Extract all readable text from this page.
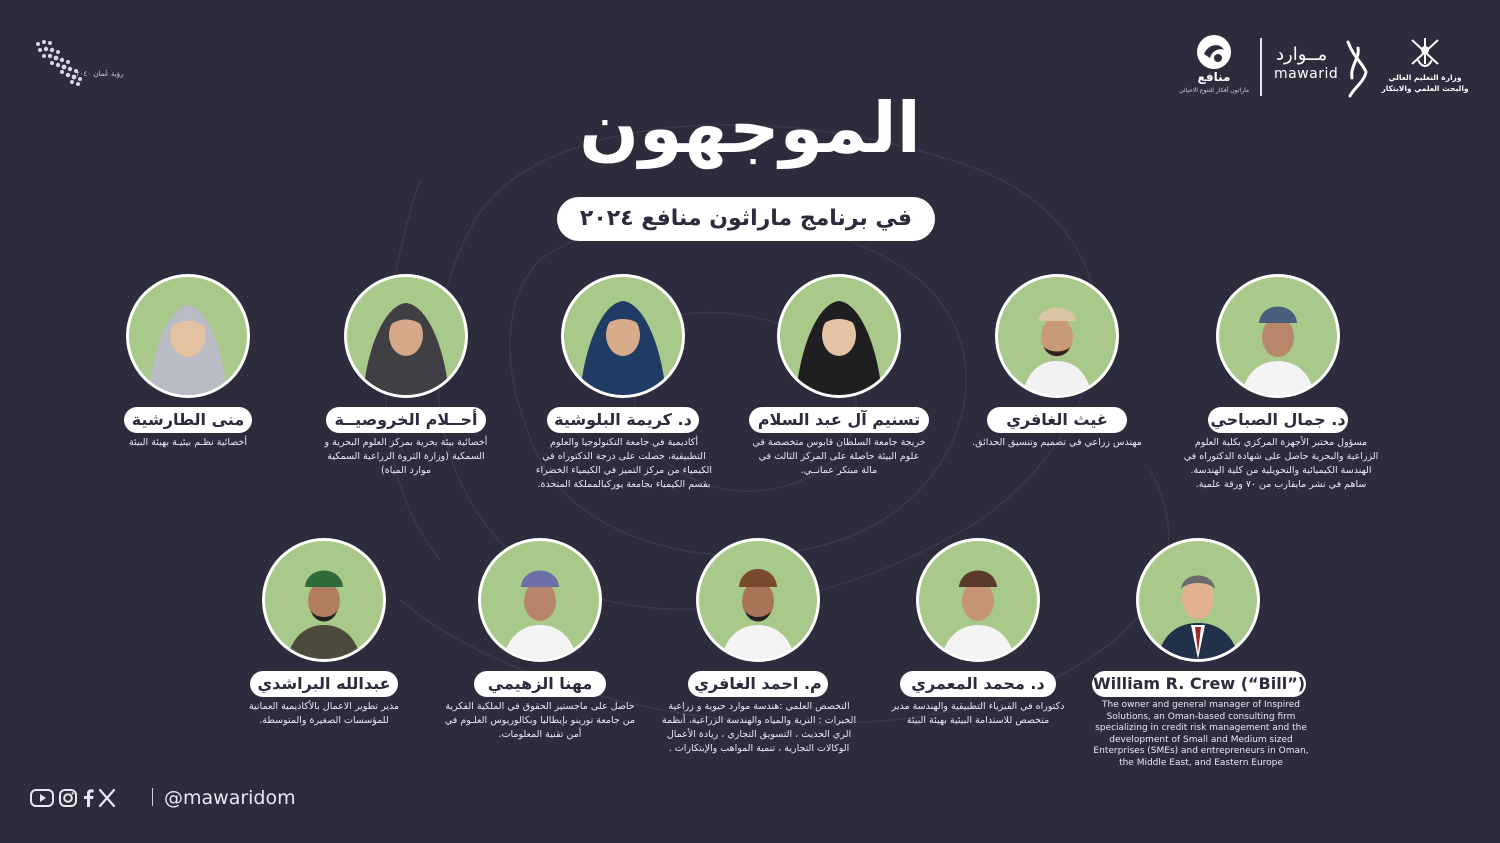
رؤية عُمان ٢٠٤٠	منافع
ماراثون أفكار للتنوع الاحيائي
مــوارد
mawarid	وزارة التعليم العالي والبحث العلمي والابتكار
الموجهون
في برنامج ماراثون منافع ٢٠٢٤
منى الطارشية
أخصائية نظـم بيئيـة بهيئة البيئة
أحــلام الخروصيــة
أخصائية بيئة بحرية بمركز العلوم البحرية و السمكية (وزارة الثروة الزراعية السمكية موارد المياة)
د. كريمة البلوشية
أكاديمية في جامعة التكنولوجيا والعلوم التطبيقية، حصلت على درجة الدكتوراه في الكيمياء من مركز التميز في الكيمياء الخضراء بقسم الكيمياء بجامعة يوركبالمملكة المتحدة.
تسنيم آل عبد السلام
خريجة جامعة السلطان قابوس متخصصة في علوم البيئة حاصلة على المركز الثالث في مالة مبتكر عمانــي.
غيث الغافري
مهندس زراعي في تصميم وتنسيق الحدائق.
د. جمال الصباحي
مسؤول مختبر الأجهزة المركزي بكلية العلوم الزراعية والبحرية حاصل على شهادة الدكتوراه في الهندسة الكيميائية والتحويلية من كلية الهندسة. ساهم في نشر مايقارب من ٧٠ ورقة علمية.
عبدالله البراشدي
مدير تطوير الاعمال بالأكاديمية العمانية للمؤسسات الصغيرة والمتوسطة.
مهنا الزهيمي
حاصل على ماجستير الحقوق في الملكية الفكرية من جامعة تورينو بإيطاليا وبكالوريوس العلـوم في أمن تقنية المعلومات.
م. احمد الغافري
التخصص العلمي :هندسة موارد حيوية و زراعية الخبرات : التربة والمياه والهندسة الزراعية، أنظمة الري الحديث ، التسويق التجاري ، ريادة الأعمال الوكالات التجارية ، تنمية المواهب والإبتكارات .
د. محمد المعمري
دكتوراه في الفيزياء التطبيقية والهندسة مدير متخصص للاستدامة البيئية بهيئة البيئة
William R. Crew (“Bill”)
The owner and general manager of Inspired Solutions, an Oman-based consulting firm specializing in credit risk management and the development of Small and Medium sized Enterprises (SMEs) and entrepreneurs in Oman, the Middle East, and Eastern Europe
@mawaridom
